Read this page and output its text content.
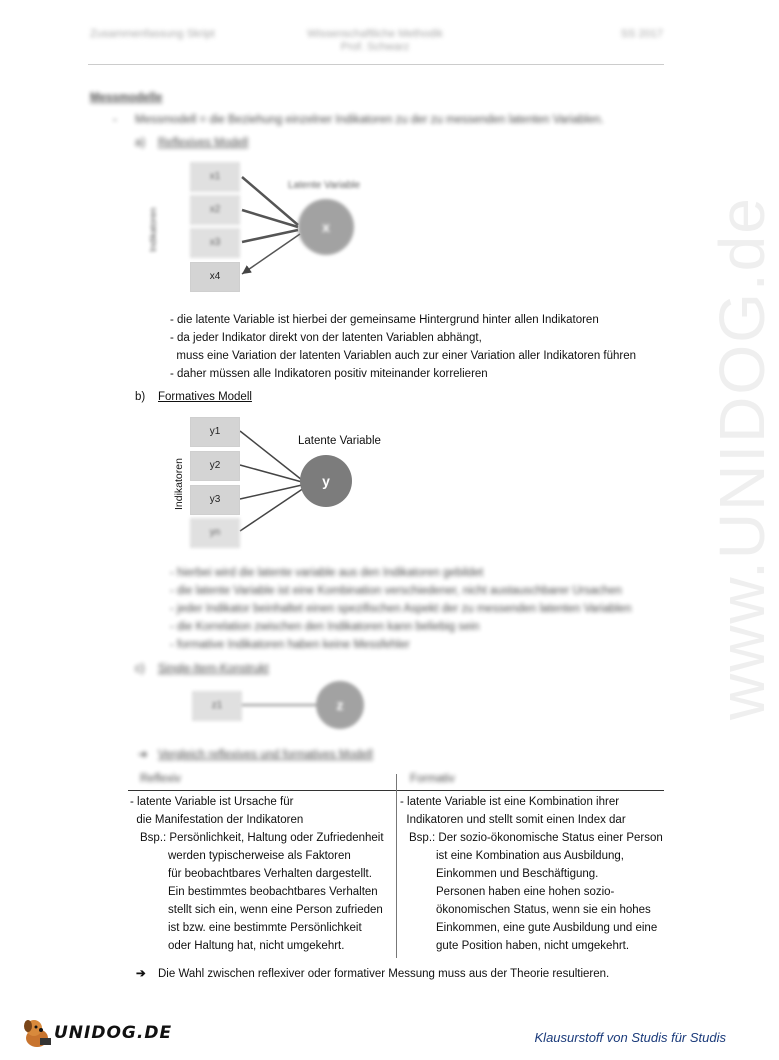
www.UNIDOG.de
Zusammenfassung Skript	Wissenschaftliche Methodik
Prof. Schwarz
SS 2017
Messmodelle
- Messmodell = die Beziehung einzelner Indikatoren zu der zu messenden latenten Variablen.
a) Reflexives Modell
x1
x2
x3
x4
x
Latente Variable
Indikatoren
- die latente Variable ist hierbei der gemeinsame Hintergrund hinter allen Indikatoren
- da jeder Indikator direkt von der latenten Variablen abhängt,
muss eine Variation der latenten Variablen auch zur einer Variation aller Indikatoren führen
- daher müssen alle Indikatoren positiv miteinander korrelieren
b) Formatives Modell
y1
y2
y3
yn
y
Latente Variable
Indikatoren
- hierbei wird die latente variable aus den Indikatoren gebildet
- die latente Variable ist eine Kombination verschiedener, nicht austauschbarer Ursachen
- jeder Indikator beinhaltet einen spezifischen Aspekt der zu messenden latenten Variablen
- die Korrelation zwischen den Indikatoren kann beliebig sein
- formative Indikatoren haben keine Messfehler
c) Single-Item-Konstrukt
z1	z
➜ Vergleich reflexives und formatives Modell
Reflexiv	Formativ
- latente Variable ist Ursache für
die Manifestation der Indikatoren
Bsp.: Persönlichkeit, Haltung oder Zufriedenheit
werden typischerweise als Faktoren
für beobachtbares Verhalten dargestellt.
Ein bestimmtes beobachtbares Verhalten
stellt sich ein, wenn eine Person zufrieden
ist bzw. eine bestimmte Persönlichkeit
oder Haltung hat, nicht umgekehrt.
- latente Variable ist eine Kombination ihrer
Indikatoren und stellt somit einen Index dar
Bsp.: Der sozio-ökonomische Status einer Person
ist eine Kombination aus Ausbildung,
Einkommen und Beschäftigung.
Personen haben eine hohen sozio-
ökonomischen Status, wenn sie ein hohes
Einkommen, eine gute Ausbildung und eine
gute Position haben, nicht umgekehrt.
➔ Die Wahl zwischen reflexiver oder formativer Messung muss aus der Theorie resultieren.
UNIDOG.DE	Klausurstoff von Studis für Studis
